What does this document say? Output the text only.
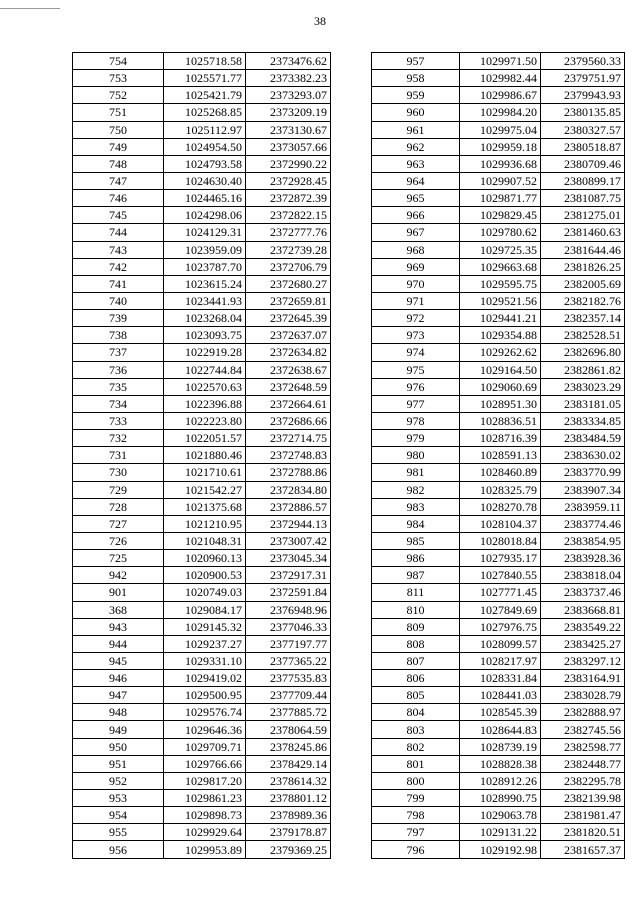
38
754	1025718.58	2373476.62
753	1025571.77	2373382.23
752	1025421.79	2373293.07
751	1025268.85	2373209.19
750	1025112.97	2373130.67
749	1024954.50	2373057.66
748	1024793.58	2372990.22
747	1024630.40	2372928.45
746	1024465.16	2372872.39
745	1024298.06	2372822.15
744	1024129.31	2372777.76
743	1023959.09	2372739.28
742	1023787.70	2372706.79
741	1023615.24	2372680.27
740	1023441.93	2372659.81
739	1023268.04	2372645.39
738	1023093.75	2372637.07
737	1022919.28	2372634.82
736	1022744.84	2372638.67
735	1022570.63	2372648.59
734	1022396.88	2372664.61
733	1022223.80	2372686.66
732	1022051.57	2372714.75
731	1021880.46	2372748.83
730	1021710.61	2372788.86
729	1021542.27	2372834.80
728	1021375.68	2372886.57
727	1021210.95	2372944.13
726	1021048.31	2373007.42
725	1020960.13	2373045.34
942	1020900.53	2372917.31
901	1020749.03	2372591.84
368	1029084.17	2376948.96
943	1029145.32	2377046.33
944	1029237.27	2377197.77
945	1029331.10	2377365.22
946	1029419.02	2377535.83
947	1029500.95	2377709.44
948	1029576.74	2377885.72
949	1029646.36	2378064.59
950	1029709.71	2378245.86
951	1029766.66	2378429.14
952	1029817.20	2378614.32
953	1029861.23	2378801.12
954	1029898.73	2378989.36
955	1029929.64	2379178.87
956	1029953.89	2379369.25
957	1029971.50	2379560.33
958	1029982.44	2379751.97
959	1029986.67	2379943.93
960	1029984.20	2380135.85
961	1029975.04	2380327.57
962	1029959.18	2380518.87
963	1029936.68	2380709.46
964	1029907.52	2380899.17
965	1029871.77	2381087.75
966	1029829.45	2381275.01
967	1029780.62	2381460.63
968	1029725.35	2381644.46
969	1029663.68	2381826.25
970	1029595.75	2382005.69
971	1029521.56	2382182.76
972	1029441.21	2382357.14
973	1029354.88	2382528.51
974	1029262.62	2382696.80
975	1029164.50	2382861.82
976	1029060.69	2383023.29
977	1028951.30	2383181.05
978	1028836.51	2383334.85
979	1028716.39	2383484.59
980	1028591.13	2383630.02
981	1028460.89	2383770.99
982	1028325.79	2383907.34
983	1028270.78	2383959.11
984	1028104.37	2383774.46
985	1028018.84	2383854.95
986	1027935.17	2383928.36
987	1027840.55	2383818.04
811	1027771.45	2383737.46
810	1027849.69	2383668.81
809	1027976.75	2383549.22
808	1028099.57	2383425.27
807	1028217.97	2383297.12
806	1028331.84	2383164.91
805	1028441.03	2383028.79
804	1028545.39	2382888.97
803	1028644.83	2382745.56
802	1028739.19	2382598.77
801	1028828.38	2382448.77
800	1028912.26	2382295.78
799	1028990.75	2382139.98
798	1029063.78	2381981.47
797	1029131.22	2381820.51
796	1029192.98	2381657.37
